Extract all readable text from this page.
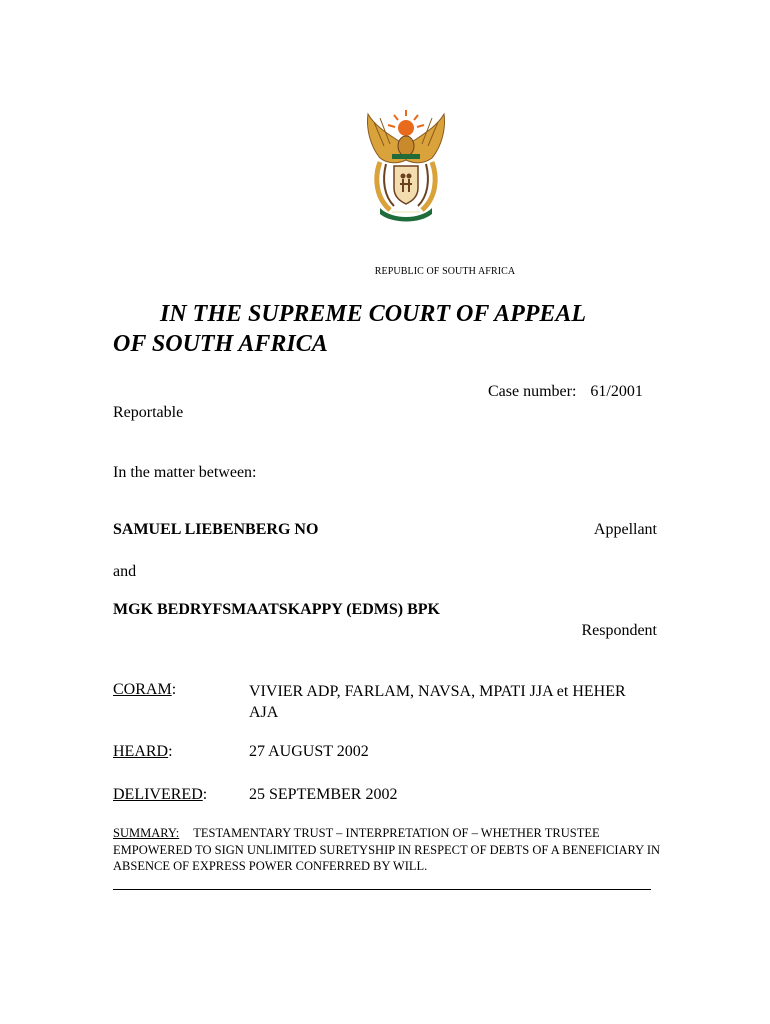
REPUBLIC OF SOUTH AFRICA
IN THE SUPREME COURT OF APPEAL
OF SOUTH AFRICA
Case number: 61/2001
Reportable
In the matter between:
SAMUEL LIEBENBERG NO	Appellant
and
MGK BEDRYFSMAATSKAPPY (EDMS) BPK
Respondent
CORAM:	VIVIER ADP, FARLAM, NAVSA, MPATI JJA et HEHER AJA
HEARD:	27 AUGUST 2002
DELIVERED:	25 SEPTEMBER 2002
SUMMARY: TESTAMENTARY TRUST – INTERPRETATION OF – WHETHER TRUSTEE EMPOWERED TO SIGN UNLIMITED SURETYSHIP IN RESPECT OF DEBTS OF A BENEFICIARY IN ABSENCE OF EXPRESS POWER CONFERRED BY WILL.
